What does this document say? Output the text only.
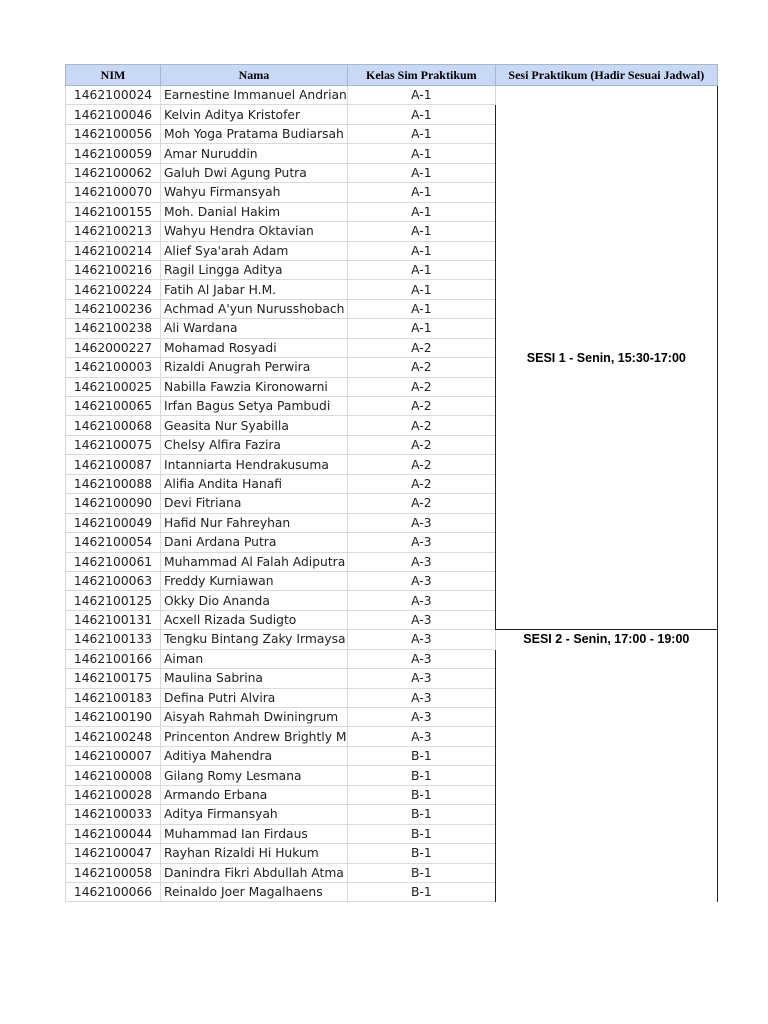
NIM	Nama	Kelas Sim Praktikum	Sesi Praktikum (Hadir Sesuai Jadwal)
1462100024	Earnestine Immanuel Andrian	A-1	SESI 1 - Senin, 15:30-17:00
1462100046	Kelvin Aditya Kristofer	A-1	
1462100056	Moh Yoga Pratama Budiarsah	A-1	
1462100059	Amar Nuruddin	A-1	
1462100062	Galuh Dwi Agung Putra	A-1	
1462100070	Wahyu Firmansyah	A-1	
1462100155	Moh. Danial Hakim	A-1	
1462100213	Wahyu Hendra Oktavian	A-1	
1462100214	Alief Sya'arah Adam	A-1	
1462100216	Ragil Lingga Aditya	A-1	
1462100224	Fatih Al Jabar H.M.	A-1	
1462100236	Achmad A'yun Nurusshobach	A-1	
1462100238	Ali Wardana	A-1	
1462000227	Mohamad Rosyadi	A-2	
1462100003	Rizaldi Anugrah Perwira	A-2	
1462100025	Nabilla Fawzia Kironowarni	A-2	
1462100065	Irfan Bagus Setya Pambudi	A-2	
1462100068	Geasita Nur Syabilla	A-2	
1462100075	Chelsy Alfira Fazira	A-2	
1462100087	Intanniarta Hendrakusuma	A-2	
1462100088	Alifia Andita Hanafi	A-2	
1462100090	Devi Fitriana	A-2	
1462100049	Hafid Nur Fahreyhan	A-3	
1462100054	Dani Ardana Putra	A-3	
1462100061	Muhammad Al Falah Adiputra	A-3	
1462100063	Freddy Kurniawan	A-3	
1462100125	Okky Dio Ananda	A-3	
1462100131	Acxell Rizada Sudigto	A-3	
1462100133	Tengku Bintang Zaky Irmaysa	A-3	SESI 2 - Senin, 17:00 - 19:00
1462100166	Aiman	A-3	
1462100175	Maulina Sabrina	A-3	
1462100183	Defina Putri Alvira	A-3	
1462100190	Aisyah Rahmah Dwiningrum	A-3	
1462100248	Princenton Andrew Brightly M	A-3	
1462100007	Aditiya Mahendra	B-1	
1462100008	Gilang Romy Lesmana	B-1	
1462100028	Armando Erbana	B-1	
1462100033	Aditya Firmansyah	B-1	
1462100044	Muhammad Ian Firdaus	B-1	
1462100047	Rayhan Rizaldi Hi Hukum	B-1	
1462100058	Danindra Fikri Abdullah Atma	B-1	
1462100066	Reinaldo Joer Magalhaens	B-1	
